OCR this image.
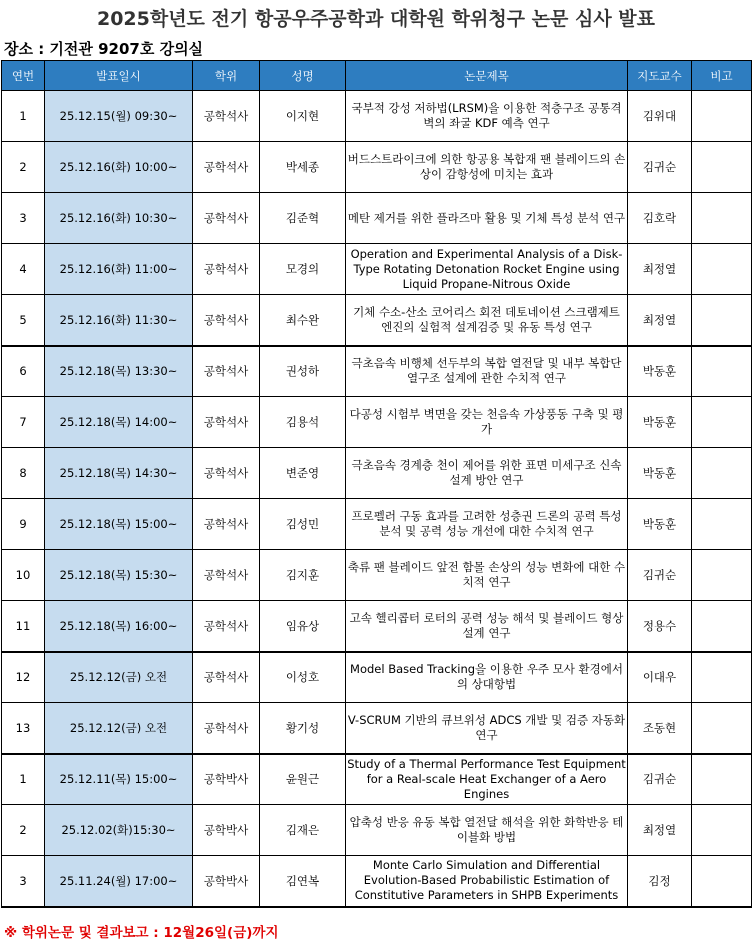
2025학년도 전기 항공우주공학과 대학원 학위청구 논문 심사 발표
장소 : 기전관 9207호 강의실
연번	발표일시	학위	성명	논문제목	지도교수	비고
1	25.12.15(월) 09:30~	공학석사	이지현	국부적 강성 저하법(LRSM)을 이용한 적층구조 공통격벽의 좌굴 KDF 예측 연구	김위대	
2	25.12.16(화) 10:00~	공학석사	박세종	버드스트라이크에 의한 항공용 복합재 팬 블레이드의 손상이 감항성에 미치는 효과	김귀순	
3	25.12.16(화) 10:30~	공학석사	김준혁	메탄 제거를 위한 플라즈마 활용 및 기체 특성 분석 연구	김호락	
4	25.12.16(화) 11:00~	공학석사	모경의	Operation and Experimental Analysis of a Disk-Type Rotating Detonation Rocket Engine using Liquid Propane-Nitrous Oxide	최정열	
5	25.12.16(화) 11:30~	공학석사	최수완	기체 수소-산소 코어리스 회전 데토네이션 스크램제트 엔진의 실험적 설계검증 및 유동 특성 연구	최정열	
6	25.12.18(목) 13:30~	공학석사	권성하	극초음속 비행체 선두부의 복합 열전달 및 내부 복합단열구조 설계에 관한 수치적 연구	박동훈	
7	25.12.18(목) 14:00~	공학석사	김용석	다공성 시험부 벽면을 갖는 천음속 가상풍동 구축 및 평가	박동훈	
8	25.12.18(목) 14:30~	공학석사	변준영	극초음속 경계층 천이 제어를 위한 표면 미세구조 신속 설계 방안 연구	박동훈	
9	25.12.18(목) 15:00~	공학석사	김성민	프로펠러 구동 효과를 고려한 성층권 드론의 공력 특성 분석 및 공력 성능 개선에 대한 수치적 연구	박동훈	
10	25.12.18(목) 15:30~	공학석사	김지훈	축류 팬 블레이드 앞전 함몰 손상의 성능 변화에 대한 수치적 연구	김귀순	
11	25.12.18(목) 16:00~	공학석사	임유상	고속 헬리콥터 로터의 공력 성능 해석 및 블레이드 형상 설계 연구	정용수	
12	25.12.12(금) 오전	공학석사	이성호	Model Based Tracking을 이용한 우주 모사 환경에서의 상대항법	이대우	
13	25.12.12(금) 오전	공학석사	황기성	V-SCRUM 기반의 큐브위성 ADCS 개발 및 검증 자동화 연구	조동현	
1	25.12.11(목) 15:00~	공학박사	윤원근	Study of a Thermal Performance Test Equipment for a Real-scale Heat Exchanger of a Aero Engines	김귀순	
2	25.12.02(화)15:30~	공학박사	김재은	압축성 반응 유동 복합 열전달 해석을 위한 화학반응 테이블화 방법	최정열	
3	25.11.24(월) 17:00~	공학박사	김연복	Monte Carlo Simulation and Differential Evolution-Based Probabilistic Estimation of Constitutive Parameters in SHPB Experiments	김정	
※ 학위논문 및 결과보고 : 12월26일(금)까지
